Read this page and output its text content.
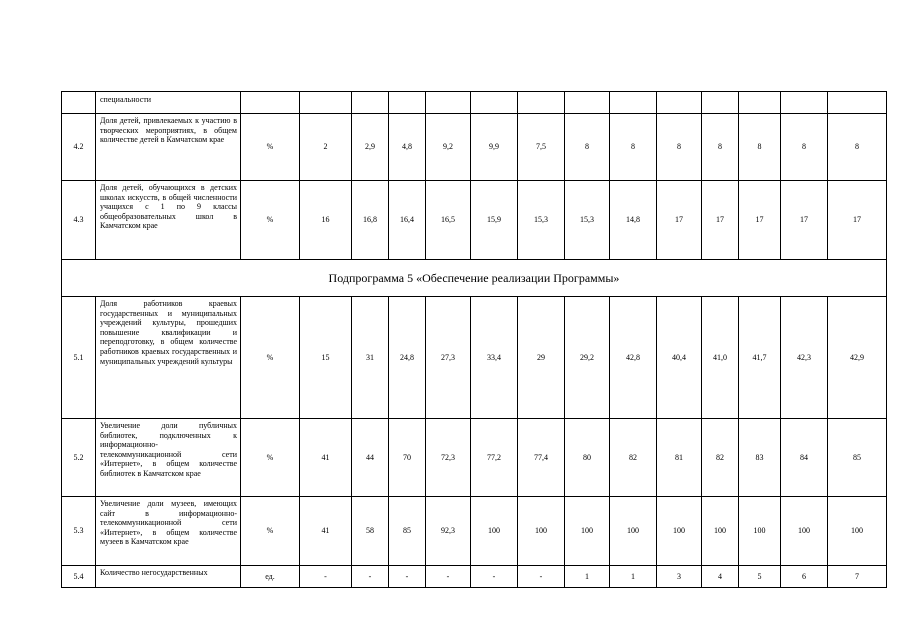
	специальности														
4.2	Доля детей, привлекаемых к участию в творческих мероприятиях, в общем количестве детей в Камчатском крае	%	2	2,9	4,8	9,2	9,9	7,5	8	8	8	8	8	8	8
4.3	Доля детей, обучающихся в детских школах искусств, в общей численности учащихся с 1 по 9 классы общеобразовательных школ в Камчатском крае	%	16	16,8	16,4	16,5	15,9	15,3	15,3	14,8	17	17	17	17	17
Подпрограмма 5 «Обеспечение реализации Программы»															
5.1	Доля работников краевых государственных и муниципальных учреждений культуры, прошедших повышение квалификации и переподготовку, в общем количестве работников краевых государственных и муниципальных учреждений культуры	%	15	31	24,8	27,3	33,4	29	29,2	42,8	40,4	41,0	41,7	42,3	42,9
5.2	Увеличение доли публичных библиотек, подключенных к информационно-телекоммуникационной сети «Интернет», в общем количестве библиотек в Камчатском крае	%	41	44	70	72,3	77,2	77,4	80	82	81	82	83	84	85
5.3	Увеличение доли музеев, имеющих сайт в информационно-телекоммуникационной сети «Интернет», в общем количестве музеев в Камчатском крае	%	41	58	85	92,3	100	100	100	100	100	100	100	100	100
5.4	Количество негосударственных	ед.	-	-	-	-	-	-	1	1	3	4	5	6	7
